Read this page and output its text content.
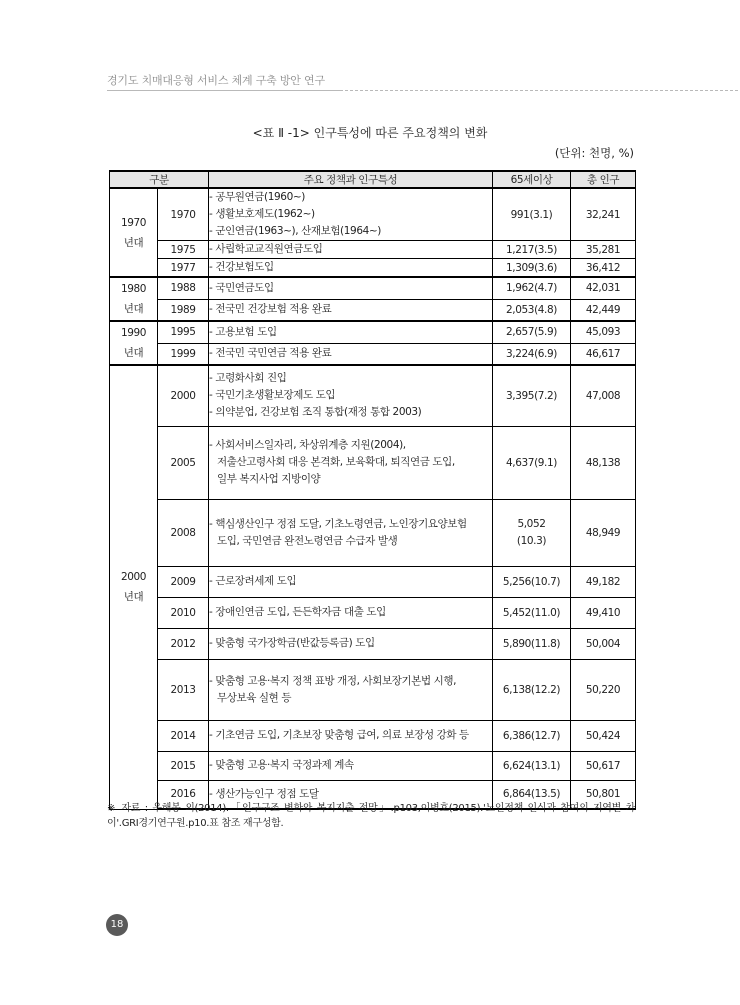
경기도 치매대응형 서비스 체계 구축 방안 연구
<표 Ⅱ -1> 인구특성에 따른 주요정책의 변화
(단위: 천명, %)
구분		주요 정책과 인구특성	65세이상	총 인구
1970
년대	1970	- 공무원연금(1960~)
- 생활보호제도(1962~)
- 군인연금(1963~), 산재보험(1964~)	991(3.1)	32,241
	1975	- 사립학교교직원연금도입	1,217(3.5)	35,281
	1977	- 건강보험도입	1,309(3.6)	36,412
1980
년대	1988	- 국민연금도입	1,962(4.7)	42,031
	1989	- 전국민 건강보험 적용 완료	2,053(4.8)	42,449
1990
년대	1995	- 고용보험 도입	2,657(5.9)	45,093
	1999	- 전국민 국민연금 적용 완료	3,224(6.9)	46,617
2000
년대	2000	- 고령화사회 진입
- 국민기초생활보장제도 도입
- 의약분업, 건강보험 조직 통합(재정 통합 2003)	3,395(7.2)	47,008
	2005	- 사회서비스일자리, 차상위계층 지원(2004),
저출산고령사회 대응 본격화, 보육확대, 퇴직연금 도입,
일부 복지사업 지방이양	4,637(9.1)	48,138
	2008	- 핵심생산인구 정점 도달, 기초노령연금, 노인장기요양보험
도입, 국민연금 완전노령연금 수급자 발생	5,052
(10.3)	48,949
	2009	- 근로장려세제 도입	5,256(10.7)	49,182
	2010	- 장애인연금 도입, 든든학자금 대출 도입	5,452(11.0)	49,410
	2012	- 맞춤형 국가장학금(반값등록금) 도입	5,890(11.8)	50,004
	2013	- 맞춤형 고용·복지 정책 표방 개정, 사회보장기본법 시행,
무상보육 실현 등	6,138(12.2)	50,220
	2014	- 기초연금 도입, 기초보장 맞춤형 급여, 의료 보장성 강화 등	6,386(12.7)	50,424
	2015	- 맞춤형 고용·복지 국정과제 계속	6,624(13.1)	50,617
	2016	- 생산가능인구 정점 도달	6,864(13.5)	50,801
※ 자료 : 우해봉 외(2014).「인구구조 변화와 복지지출 전망」.p103,이병호(2015).'노인정책 인식과 참여의 지역별 차이'.GRI경기연구원.p10.표 참조 재구성함.
18
